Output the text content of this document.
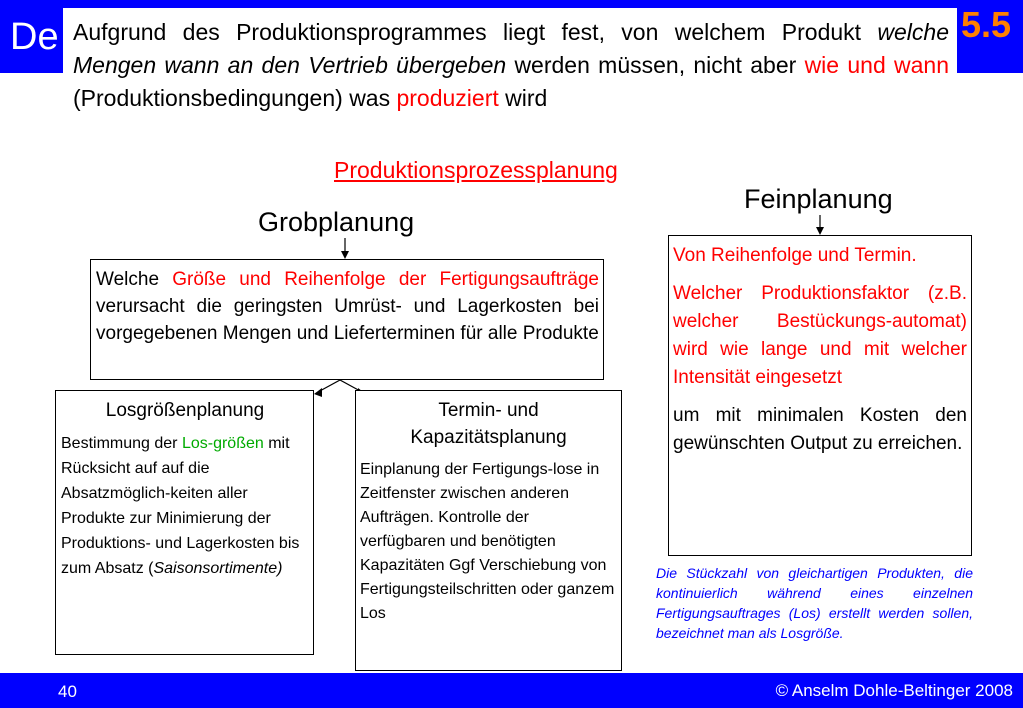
De	5.5
Aufgrund des Produktionsprogrammes liegt fest, von welchem Produkt welche Mengen wann an den Vertrieb übergeben werden müssen, nicht aber wie und wann (Produktionsbedingungen) was produziert wird
Produktionsprozessplanung
Grobplanung
Feinplanung
Welche Größe und Reihenfolge der Fertigungsaufträge verursacht die geringsten Umrüst- und Lagerkosten bei vorgegebenen Mengen und Lieferterminen für alle Produkte

Von Reihenfolge und Termin.

Welcher Produktionsfaktor (z.B. welcher Bestückungs-automat) wird wie lange und mit welcher Intensität eingesetzt

um mit minimalen Kosten den gewünschten Output zu erreichen.

Losgrößenplanung
Bestimmung der Los-größen mit Rücksicht auf auf die Absatzmöglich-keiten aller Produkte zur Minimierung der Produktions- und Lagerkosten bis zum Absatz (Saisonsortimente)
Termin- und Kapazitätsplanung
Einplanung der Fertigungs-lose in Zeitfenster zwischen anderen Aufträgen. Kontrolle der verfügbaren und benötigten Kapazitäten Ggf Verschiebung von Fertigungsteilschritten oder ganzem Los
Die Stückzahl von gleichartigen Produkten, die kontinuierlich während eines einzelnen Fertigungsauftrages (Los) erstellt werden sollen, bezeichnet man als Losgröße.
40	© Anselm Dohle-Beltinger 2008
